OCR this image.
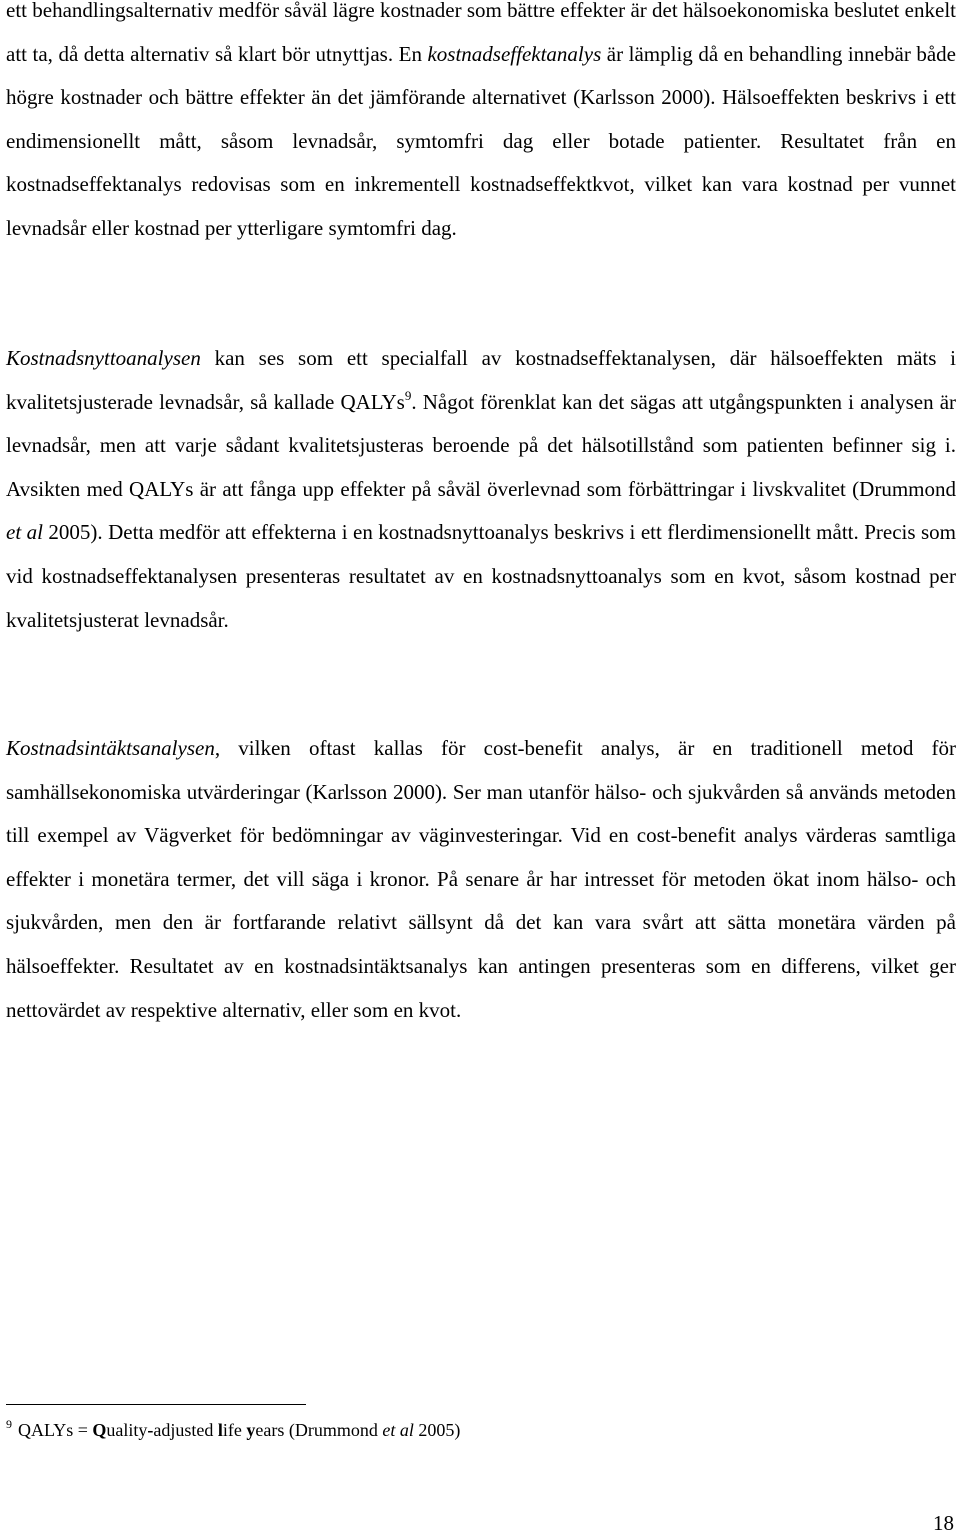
ett behandlingsalternativ medför såväl lägre kostnader som bättre effekter är det hälsoekonomiska beslutet enkelt att ta, då detta alternativ så klart bör utnyttjas. En kostnadseffektanalys är lämplig då en behandling innebär både högre kostnader och bättre effekter än det jämförande alternativet (Karlsson 2000). Hälsoeffekten beskrivs i ett endimensionellt mått, såsom levnadsår, symtomfri dag eller botade patienter. Resultatet från en kostnadseffektanalys redovisas som en inkrementell kostnadseffektkvot, vilket kan vara kostnad per vunnet levnadsår eller kostnad per ytterligare symtomfri dag.

Kostnadsnyttoanalysen kan ses som ett specialfall av kostnadseffektanalysen, där hälsoeffekten mäts i kvalitetsjusterade levnadsår, så kallade QALYs$^9$. Något förenklat kan det sägas att utgångspunkten i analysen är levnadsår, men att varje sådant kvalitetsjusteras beroende på det hälsotillstånd som patienten befinner sig i. Avsikten med QALYs är att fånga upp effekter på såväl överlevnad som förbättringar i livskvalitet (Drummond et al 2005). Detta medför att effekterna i en kostnadsnyttoanalys beskrivs i ett flerdimensionellt mått. Precis som vid kostnadseffektanalysen presenteras resultatet av en kostnadsnyttoanalys som en kvot, såsom kostnad per kvalitetsjusterat levnadsår.

Kostnadsintäktsanalysen, vilken oftast kallas för cost-benefit analys, är en traditionell metod för samhällsekonomiska utvärderingar (Karlsson 2000). Ser man utanför hälso- och sjukvården så används metoden till exempel av Vägverket för bedömningar av väginvesteringar. Vid en cost-benefit analys värderas samtliga effekter i monetära termer, det vill säga i kronor. På senare år har intresset för metoden ökat inom hälso- och sjukvården, men den är fortfarande relativt sällsynt då det kan vara svårt att sätta monetära värden på hälsoeffekter. Resultatet av en kostnadsintäktsanalys kan antingen presenteras som en differens, vilket ger nettovärdet av respektive alternativ, eller som en kvot.

$^9$ QALYs = Quality-adjusted life years (Drummond et al 2005)
18
